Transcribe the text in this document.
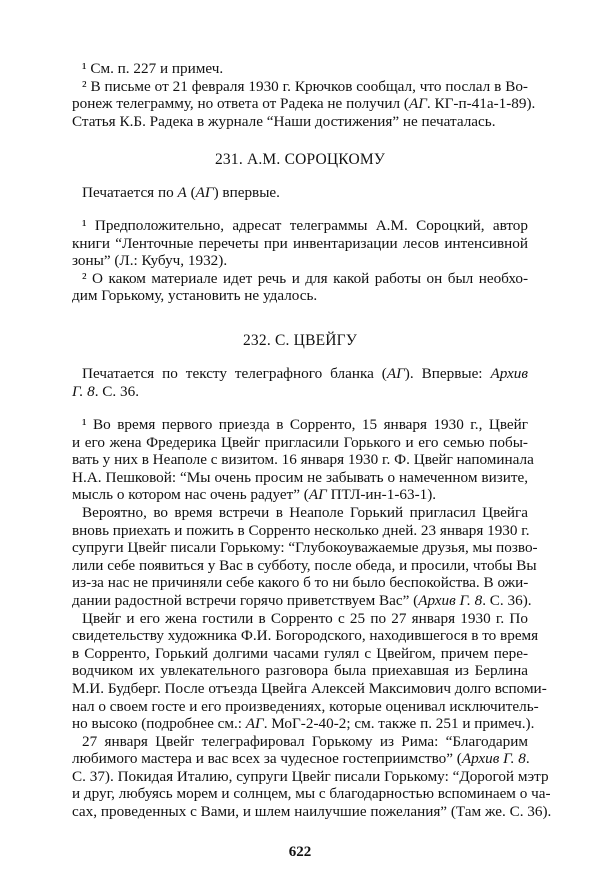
¹ См. п. 227 и примеч.
² В письме от 21 февраля 1930 г. Крючков сообщал, что послал в Во-
ронеж телеграмму, но ответа от Радека не получил (АГ. КГ-п-41а-1-89).
Статья К.Б. Радека в журнале “Наши достижения” не печаталась.
231. А.М. СОРОЦКОМУ
Печатается по А (АГ) впервые.
¹ Предположительно, адресат телеграммы А.М. Сороцкий, автор
книги “Ленточные перечеты при инвентаризации лесов интенсивной
зоны” (Л.: Кубуч, 1932).
² О каком материале идет речь и для какой работы он был необхо-
дим Горькому, установить не удалось.
232. С. ЦВЕЙГУ
Печатается по тексту телеграфного бланка (АГ). Впервые: Архив
Г. 8. С. 36.
¹ Во время первого приезда в Сорренто, 15 января 1930 г., Цвейг
и его жена Фредерика Цвейг пригласили Горького и его семью побы-
вать у них в Неаполе с визитом. 16 января 1930 г. Ф. Цвейг напоминала
Н.А. Пешковой: “Мы очень просим не забывать о намеченном визите,
мысль о котором нас очень радует” (АГ ПТЛ-ин-1-63-1).
Вероятно, во время встречи в Неаполе Горький пригласил Цвейга
вновь приехать и пожить в Сорренто несколько дней. 23 января 1930 г.
супруги Цвейг писали Горькому: “Глубокоуважаемые друзья, мы позво-
лили себе появиться у Вас в субботу, после обеда, и просили, чтобы Вы
из-за нас не причиняли себе какого б то ни было беспокойства. В ожи-
дании радостной встречи горячо приветствуем Вас” (Архив Г. 8. С. 36).
Цвейг и его жена гостили в Сорренто с 25 по 27 января 1930 г. По
свидетельству художника Ф.И. Богородского, находившегося в то время
в Сорренто, Горький долгими часами гулял с Цвейгом, причем пере-
водчиком их увлекательного разговора была приехавшая из Берлина
М.И. Будберг. После отъезда Цвейга Алексей Максимович долго вспоми-
нал о своем госте и его произведениях, которые оценивал исключитель-
но высоко (подробнее см.: АГ. МоГ-2-40-2; см. также п. 251 и примеч.).
27 января Цвейг телеграфировал Горькому из Рима: “Благодарим
любимого мастера и вас всех за чудесное гостеприимство” (Архив Г. 8.
С. 37). Покидая Италию, супруги Цвейг писали Горькому: “Дорогой мэтр
и друг, любуясь морем и солнцем, мы с благодарностью вспоминаем о ча-
сах, проведенных с Вами, и шлем наилучшие пожелания” (Там же. С. 36).
622
